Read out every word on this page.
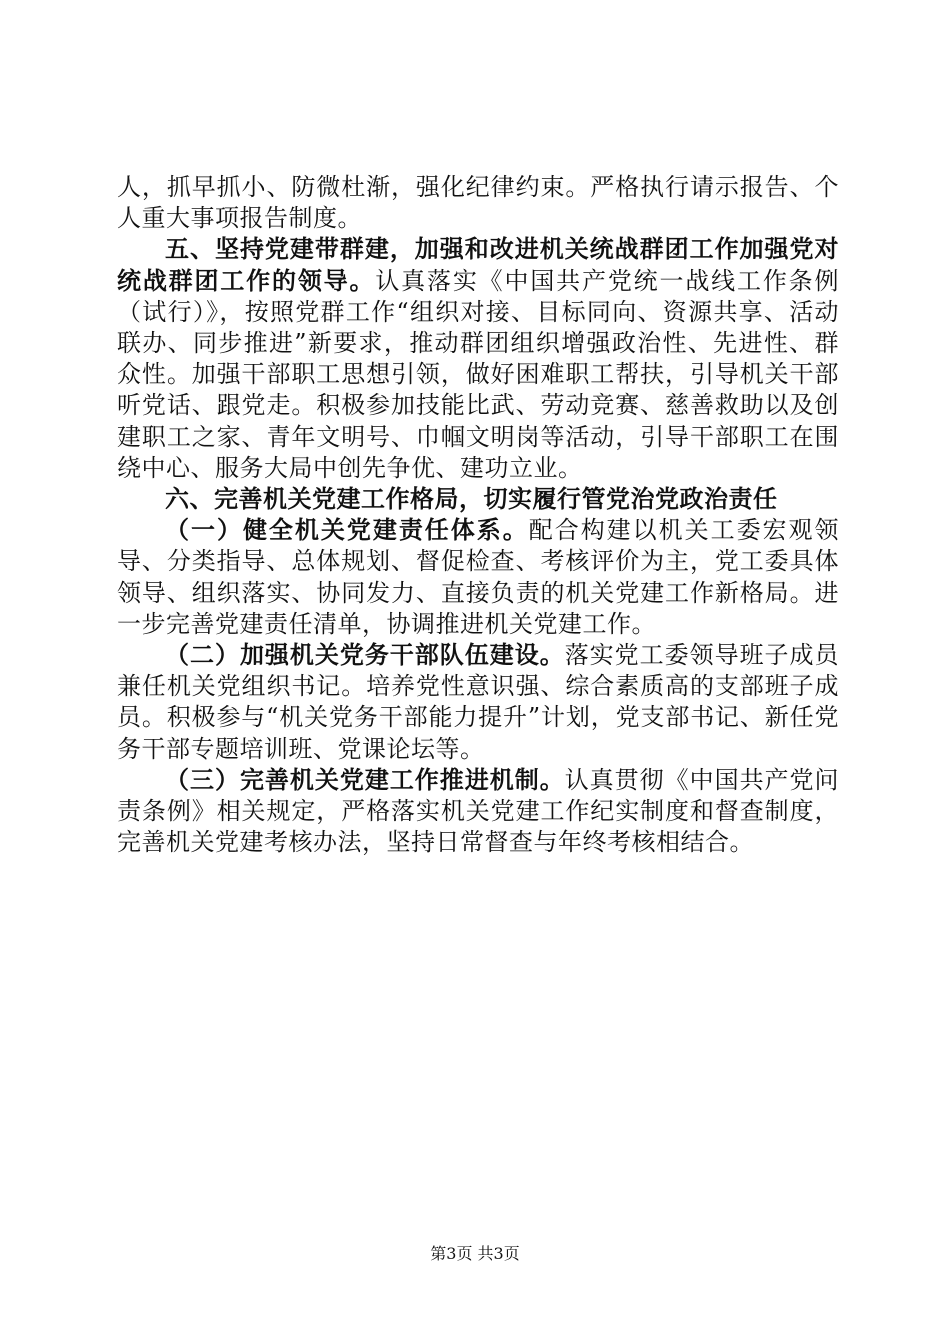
人，抓早抓小、防微杜渐，强化纪律约束。严格执行请示报告、个人重大事项报告制度。

五、坚持党建带群建，加强和改进机关统战群团工作加强党对统战群团工作的领导。认真落实《中国共产党统一战线工作条例（试行）》，按照党群工作“组织对接、目标同向、资源共享、活动联办、同步推进”新要求，推动群团组织增强政治性、先进性、群众性。加强干部职工思想引领，做好困难职工帮扶，引导机关干部听党话、跟党走。积极参加技能比武、劳动竞赛、慈善救助以及创建职工之家、青年文明号、巾帼文明岗等活动，引导干部职工在围绕中心、服务大局中创先争优、建功立业。

六、完善机关党建工作格局，切实履行管党治党政治责任

（一）健全机关党建责任体系。配合构建以机关工委宏观领导、分类指导、总体规划、督促检查、考核评价为主，党工委具体领导、组织落实、协同发力、直接负责的机关党建工作新格局。进一步完善党建责任清单，协调推进机关党建工作。

（二）加强机关党务干部队伍建设。落实党工委领导班子成员兼任机关党组织书记。培养党性意识强、综合素质高的支部班子成员。积极参与“机关党务干部能力提升”计划，党支部书记、新任党务干部专题培训班、党课论坛等。

（三）完善机关党建工作推进机制。认真贯彻《中国共产党问责条例》相关规定，严格落实机关党建工作纪实制度和督查制度，完善机关党建考核办法，坚持日常督查与年终考核相结合。

第3页 共3页
